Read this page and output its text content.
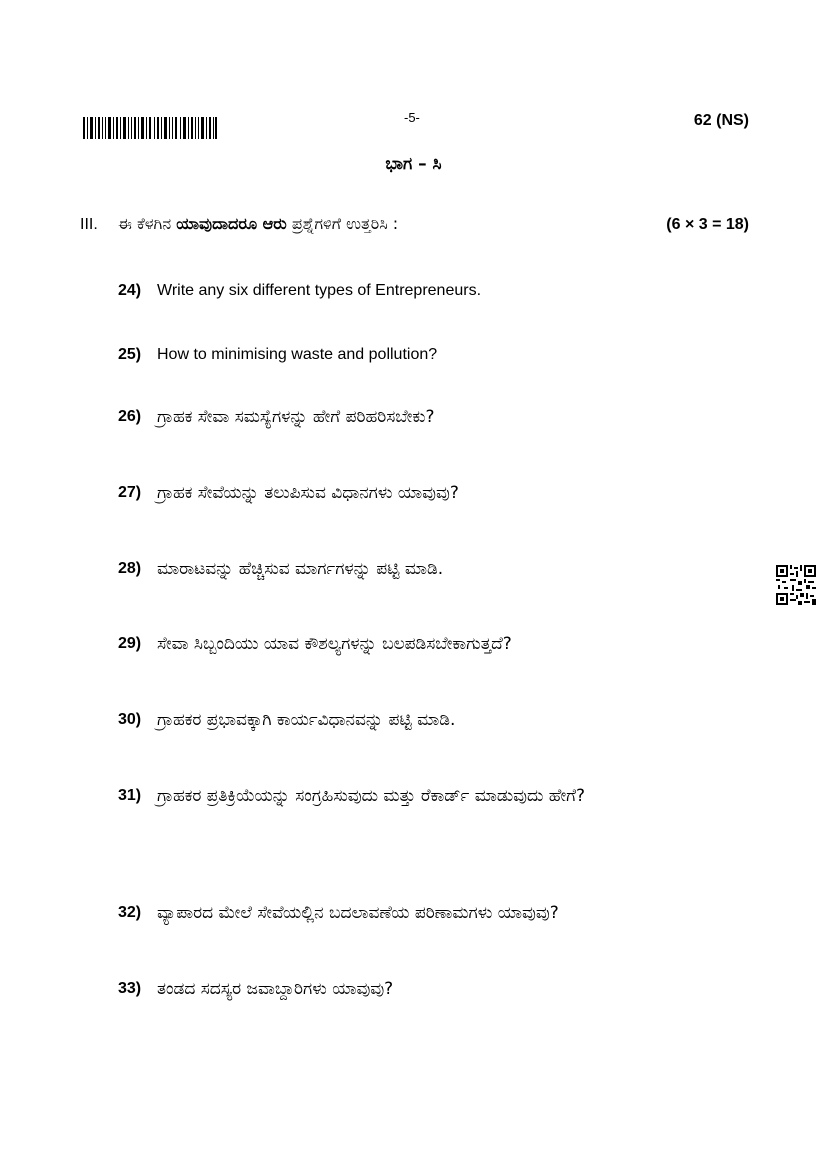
-5-	62 (NS)
ಭಾಗ – ಸಿ
III. ಈ ಕೆಳಗಿನ ಯಾವುದಾದರೂ ಆರು ಪ್ರಶ್ನೆಗಳಿಗೆ ಉತ್ತರಿಸಿ :	(6 × 3 = 18)
24) Write any six different types of Entrepreneurs.
25) How to minimising waste and pollution?
26) ಗ್ರಾಹಕ ಸೇವಾ ಸಮಸ್ಯೆಗಳನ್ನು ಹೇಗೆ ಪರಿಹರಿಸಬೇಕು?
27) ಗ್ರಾಹಕ ಸೇವೆಯನ್ನು ತಲುಪಿಸುವ ವಿಧಾನಗಳು ಯಾವುವು?
28) ಮಾರಾಟವನ್ನು ಹೆಚ್ಚಿಸುವ ಮಾರ್ಗಗಳನ್ನು ಪಟ್ಟಿ ಮಾಡಿ.
29) ಸೇವಾ ಸಿಬ್ಬಂದಿಯು ಯಾವ ಕೌಶಲ್ಯಗಳನ್ನು ಬಲಪಡಿಸಬೇಕಾಗುತ್ತದೆ?
30) ಗ್ರಾಹಕರ ಪ್ರಭಾವಕ್ಕಾಗಿ ಕಾರ್ಯವಿಧಾನವನ್ನು ಪಟ್ಟಿ ಮಾಡಿ.
31) ಗ್ರಾಹಕರ ಪ್ರತಿಕ್ರಿಯೆಯನ್ನು ಸಂಗ್ರಹಿಸುವುದು ಮತ್ತು ರೆಕಾರ್ಡ್ ಮಾಡುವುದು ಹೇಗೆ?
32) ವ್ಯಾಪಾರದ ಮೇಲೆ ಸೇವೆಯಲ್ಲಿನ ಬದಲಾವಣೆಯ ಪರಿಣಾಮಗಳು ಯಾವುವು?
33) ತಂಡದ ಸದಸ್ಯರ ಜವಾಬ್ದಾರಿಗಳು ಯಾವುವು?
